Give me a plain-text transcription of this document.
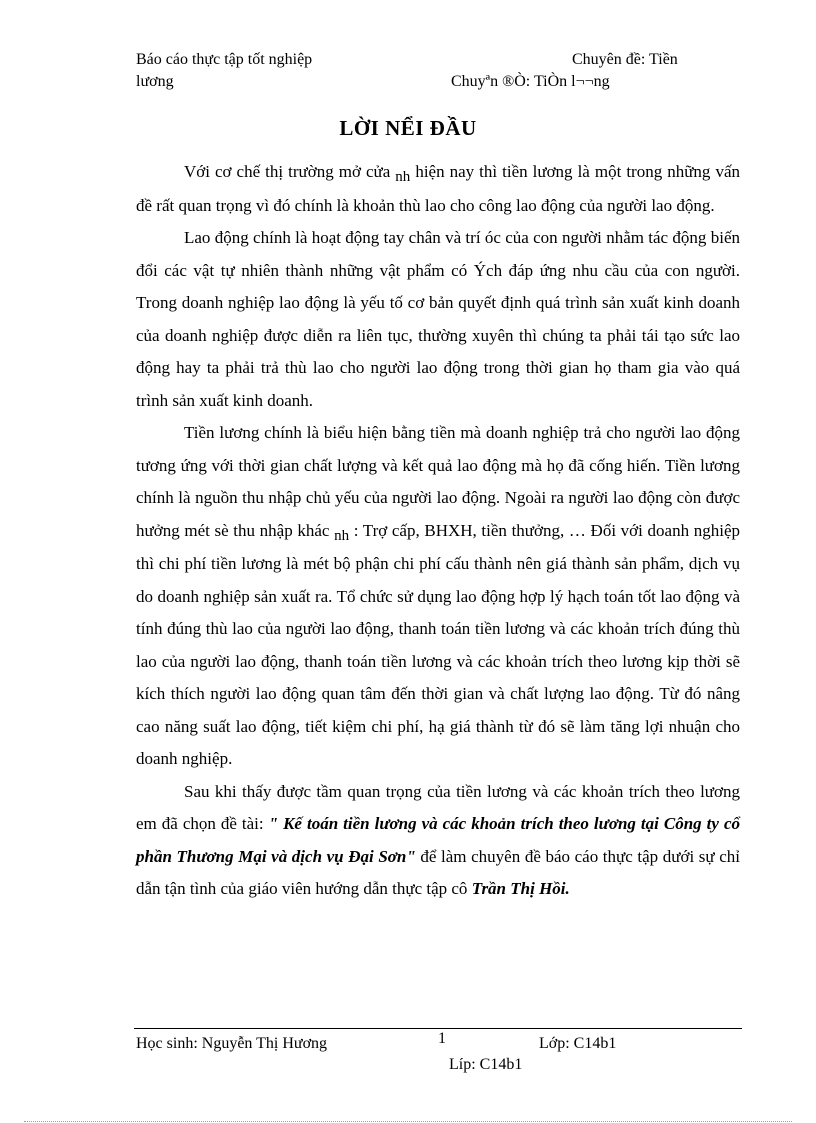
Báo cáo thực tập tốt nghiệp
lương
Chuyên đề: Tiền
Chuyªn ®Ò: TiÒn l¬¬ng
LỜI NỂI ĐẦU

Với cơ chế thị trường mở cửa nh hiện nay thì tiền lương là một trong những vấn đề rất quan trọng vì đó chính là khoản thù lao cho công lao động của người lao động.

Lao động chính là hoạt động tay chân và trí óc của con người nhằm tác động biến đổi các vật tự nhiên thành những vật phẩm có Ých đáp ứng nhu cầu của con người. Trong doanh nghiệp lao động là yếu tố cơ bản quyết định quá trình sản xuất kinh doanh của doanh nghiệp được diễn ra liên tục, thường xuyên thì chúng ta phải tái tạo sức lao động hay ta phải trả thù lao cho người lao động trong thời gian họ tham gia vào quá trình sản xuất kinh doanh.

Tiền lương chính là biểu hiện bằng tiền mà doanh nghiệp trả cho người lao động tương ứng với thời gian chất lượng và kết quả lao động mà họ đã cống hiến. Tiền lương chính là nguồn thu nhập chủ yếu của người lao động. Ngoài ra người lao động còn được hưởng mét sè thu nhập khác nh : Trợ cấp, BHXH, tiền thưởng, … Đối với doanh nghiệp thì chi phí tiền lương là mét bộ phận chi phí cấu thành nên giá thành sản phẩm, dịch vụ do doanh nghiệp sản xuất ra. Tổ chức sử dụng lao động hợp lý hạch toán tốt lao động và tính đúng thù lao của người lao động, thanh toán tiền lương và các khoản trích đúng thù lao của người lao động, thanh toán tiền lương và các khoản trích theo lương kịp thời sẽ kích thích người lao động quan tâm đến thời gian và chất lượng lao động. Từ đó nâng cao năng suất lao động, tiết kiệm chi phí, hạ giá thành từ đó sẽ làm tăng lợi nhuận cho doanh nghiệp.

Sau khi thấy được tầm quan trọng của tiền lương và các khoản trích theo lương em đã chọn đề tài: " Kế toán tiền lương và các khoản trích theo lương tại Công ty cổ phần Thương Mại và dịch vụ Đại Sơn" để làm chuyên đề báo cáo thực tập dưới sự chỉ dẫn tận tình của giáo viên hướng dẫn thực tập cô Trần Thị Hồi.

Học sinh: Nguyễn Thị Hương	1	Lớp: C14b1
Líp: C14b1
